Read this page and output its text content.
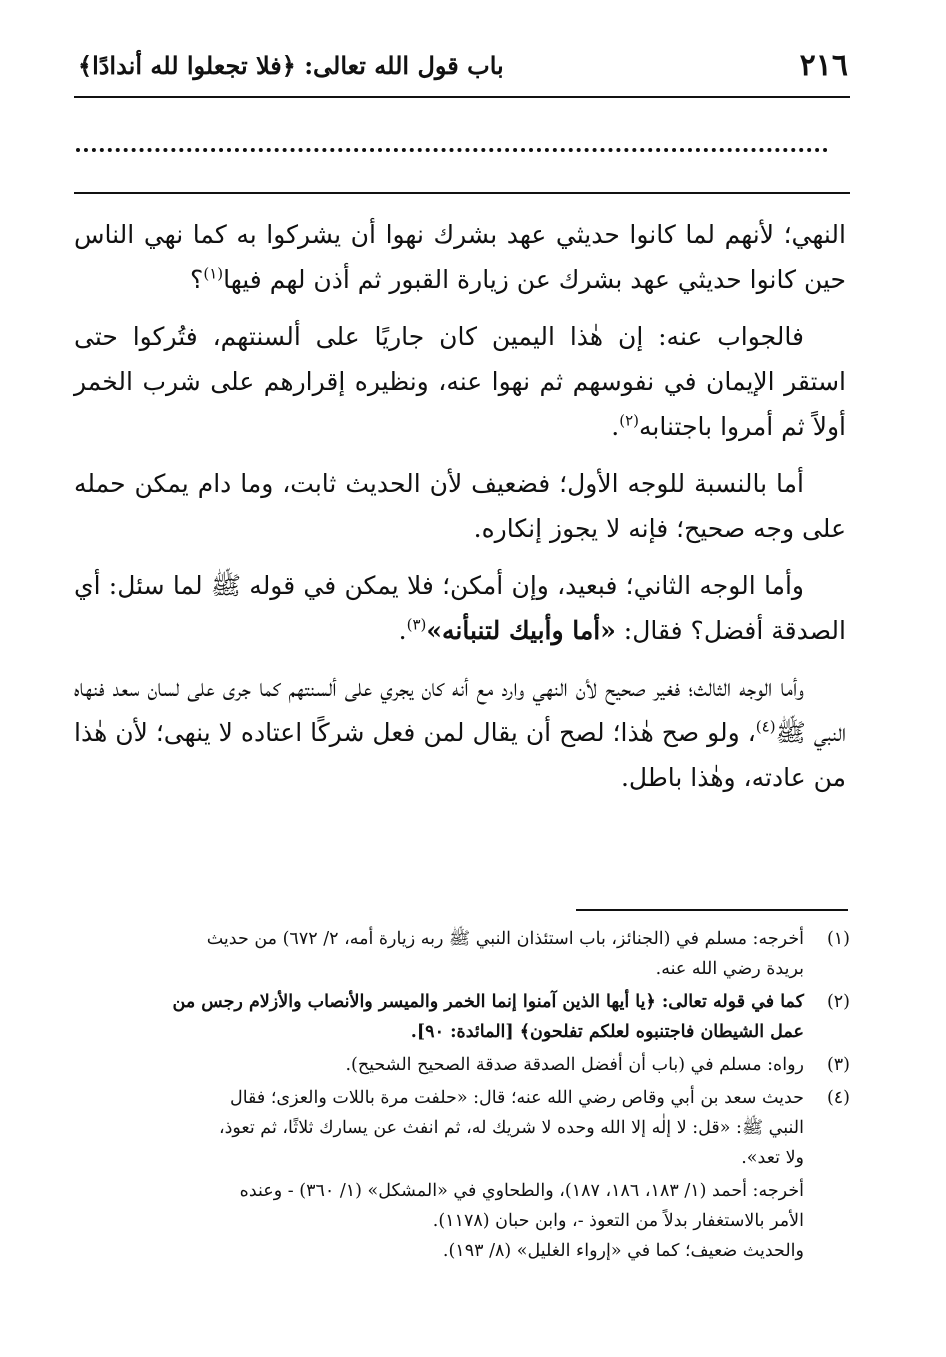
٢١٦
باب قول الله تعالى: ﴿فلا تجعلوا لله أندادًا﴾

النهي؛ لأنهم لما كانوا حديثي عهد بشرك نهوا أن يشركوا به كما نهي الناس حين كانوا حديثي عهد بشرك عن زيارة القبور ثم أذن لهم فيها$^{(١)}$؟

فالجواب عنه: إن هٰذا اليمين كان جاريًا على ألسنتهم، فتُركوا حتى استقر الإيمان في نفوسهم ثم نهوا عنه، ونظيره إقرارهم على شرب الخمر أولاً ثم أمروا باجتنابه$^{(٢)}$.

أما بالنسبة للوجه الأول؛ فضعيف لأن الحديث ثابت، وما دام يمكن حمله على وجه صحيح؛ فإنه لا يجوز إنكاره.

وأما الوجه الثاني؛ فبعيد، وإن أمكن؛ فلا يمكن في قوله ﷺ لما سئل: أي الصدقة أفضل؟ فقال: «أما وأبيك لتنبأنه»$^{(٣)}$.

وأما الوجه الثالث؛ فغير صحيح لأن النهي وارد مع أنه كان يجري على ألسنتهم كما جرى على لسان سعد فنهاه النبي ﷺ$^{(٤)}$، ولو صح هٰذا؛ لصح أن يقال لمن فعل شركًا اعتاده لا ينهى؛ لأن هٰذا من عادته، وهٰذا باطل.

(١)
أخرجه: مسلم في (الجنائز، باب استئذان النبي ﷺ ربه زيارة أمه، ٢/ ٦٧٢) من حديث
بريدة رضي الله عنه.
(٢)
كما في قوله تعالى: ﴿يا أيها الذين آمنوا إنما الخمر والميسر والأنصاب والأزلام رجس من
عمل الشيطان فاجتنبوه لعلكم تفلحون﴾ [المائدة: ٩٠].
(٣)
رواه: مسلم في (باب أن أفضل الصدقة صدقة الصحيح الشحيح).
(٤)
حديث سعد بن أبي وقاص رضي الله عنه؛ قال: «حلفت مرة باللات والعزى؛ فقال
النبي ﷺ: «قل: لا إلٰه إلا الله وحده لا شريك له، ثم انفث عن يسارك ثلاثًا، ثم تعوذ،
ولا تعد».
أخرجه: أحمد (١/ ١٨٣، ١٨٦، ١٨٧)، والطحاوي في «المشكل» (١/ ٣٦٠) - وعنده
الأمر بالاستغفار بدلاً من التعوذ -، وابن حبان (١١٧٨).
والحديث ضعيف؛ كما في «إرواء الغليل» (٨/ ١٩٣).
